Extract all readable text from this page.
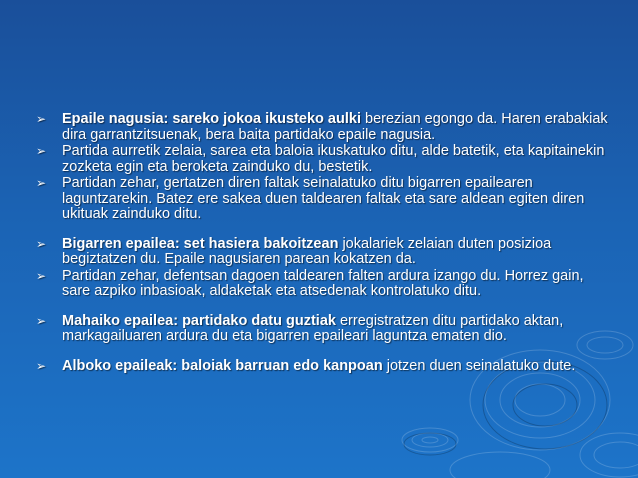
➢	Epaile nagusia: sareko jokoa ikusteko aulki berezian egongo da. Haren erabakiak dira garrantzitsuenak, bera baita partidako epaile nagusia.
➢	Partida aurretik zelaia, sarea eta baloia ikuskatuko ditu, alde batetik, eta kapitainekin zozketa egin eta beroketa zainduko du, bestetik.
➢	Partidan zehar, gertatzen diren faltak seinalatuko ditu bigarren epailearen laguntzarekin. Batez ere sakea duen taldearen faltak eta sare aldean egiten diren ukituak zainduko ditu.
➢	Bigarren epailea: set hasiera bakoitzean jokalariek zelaian duten posizioa begiztatzen du. Epaile nagusiaren parean kokatzen da.
➢	Partidan zehar, defentsan dagoen taldearen falten ardura izango du. Horrez gain, sare azpiko inbasioak, aldaketak eta atsedenak kontrolatuko ditu.
➢	Mahaiko epailea: partidako datu guztiak erregistratzen ditu partidako aktan, markagailuaren ardura du eta bigarren epaileari laguntza ematen dio.
➢	Alboko epaileak: baloiak barruan edo kanpoan jotzen duen seinalatuko dute.
